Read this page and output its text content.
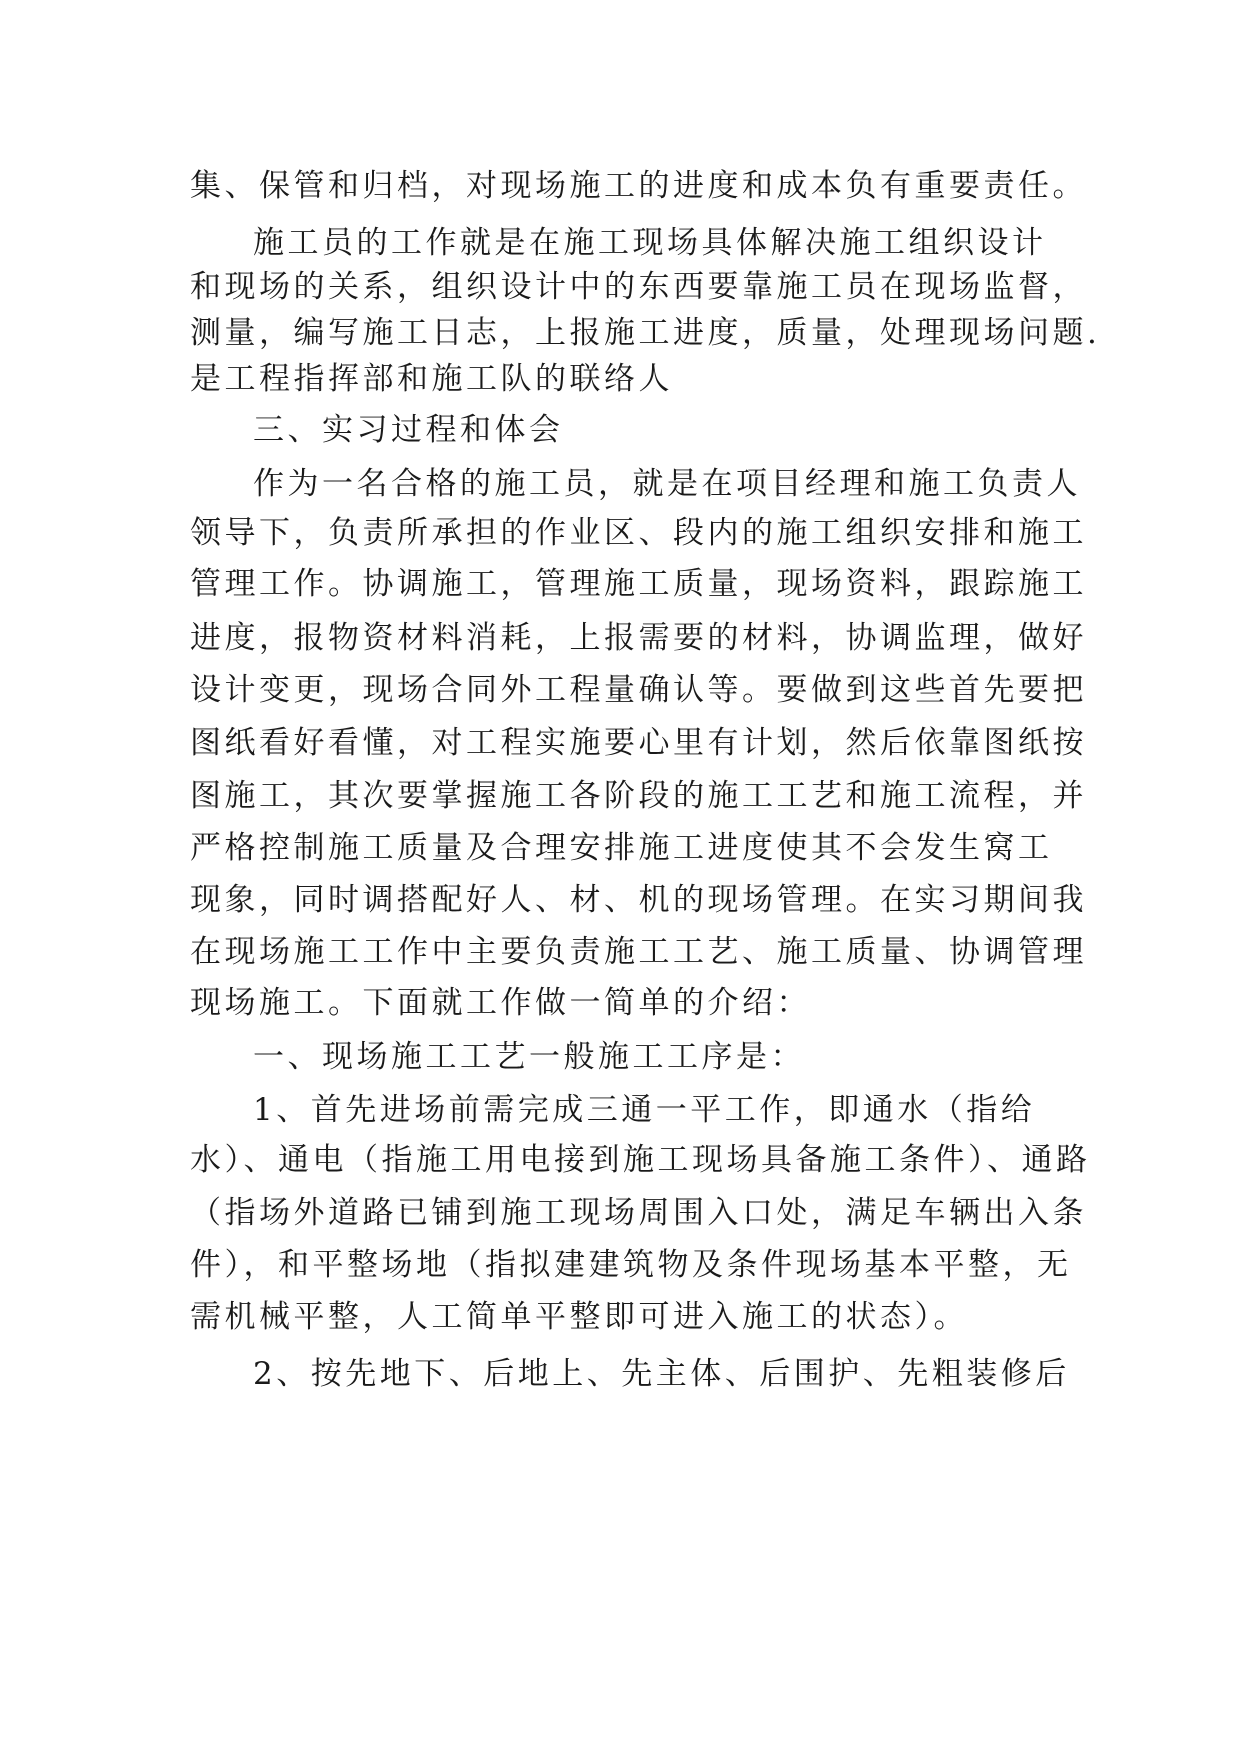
集、保管和归档，对现场施工的进度和成本负有重要责任。
施工员的工作就是在施工现场具体解决施工组织设计
和现场的关系，组织设计中的东西要靠施工员在现场监督，
测量，编写施工日志，上报施工进度，质量，处理现场问题.
是工程指挥部和施工队的联络人
三、实习过程和体会
作为一名合格的施工员，就是在项目经理和施工负责人
领导下，负责所承担的作业区、段内的施工组织安排和施工
管理工作。协调施工，管理施工质量，现场资料，跟踪施工
进度，报物资材料消耗，上报需要的材料，协调监理，做好
设计变更，现场合同外工程量确认等。要做到这些首先要把
图纸看好看懂，对工程实施要心里有计划，然后依靠图纸按
图施工，其次要掌握施工各阶段的施工工艺和施工流程，并
严格控制施工质量及合理安排施工进度使其不会发生窝工
现象，同时调搭配好人、材、机的现场管理。在实习期间我
在现场施工工作中主要负责施工工艺、施工质量、协调管理
现场施工。下面就工作做一简单的介绍：
一、现场施工工艺一般施工工序是：
1、首先进场前需完成三通一平工作，即通水（指给
水）、通电（指施工用电接到施工现场具备施工条件）、通路
（指场外道路已铺到施工现场周围入口处，满足车辆出入条
件），和平整场地（指拟建建筑物及条件现场基本平整，无
需机械平整，人工简单平整即可进入施工的状态）。
2、按先地下、后地上、先主体、后围护、先粗装修后
